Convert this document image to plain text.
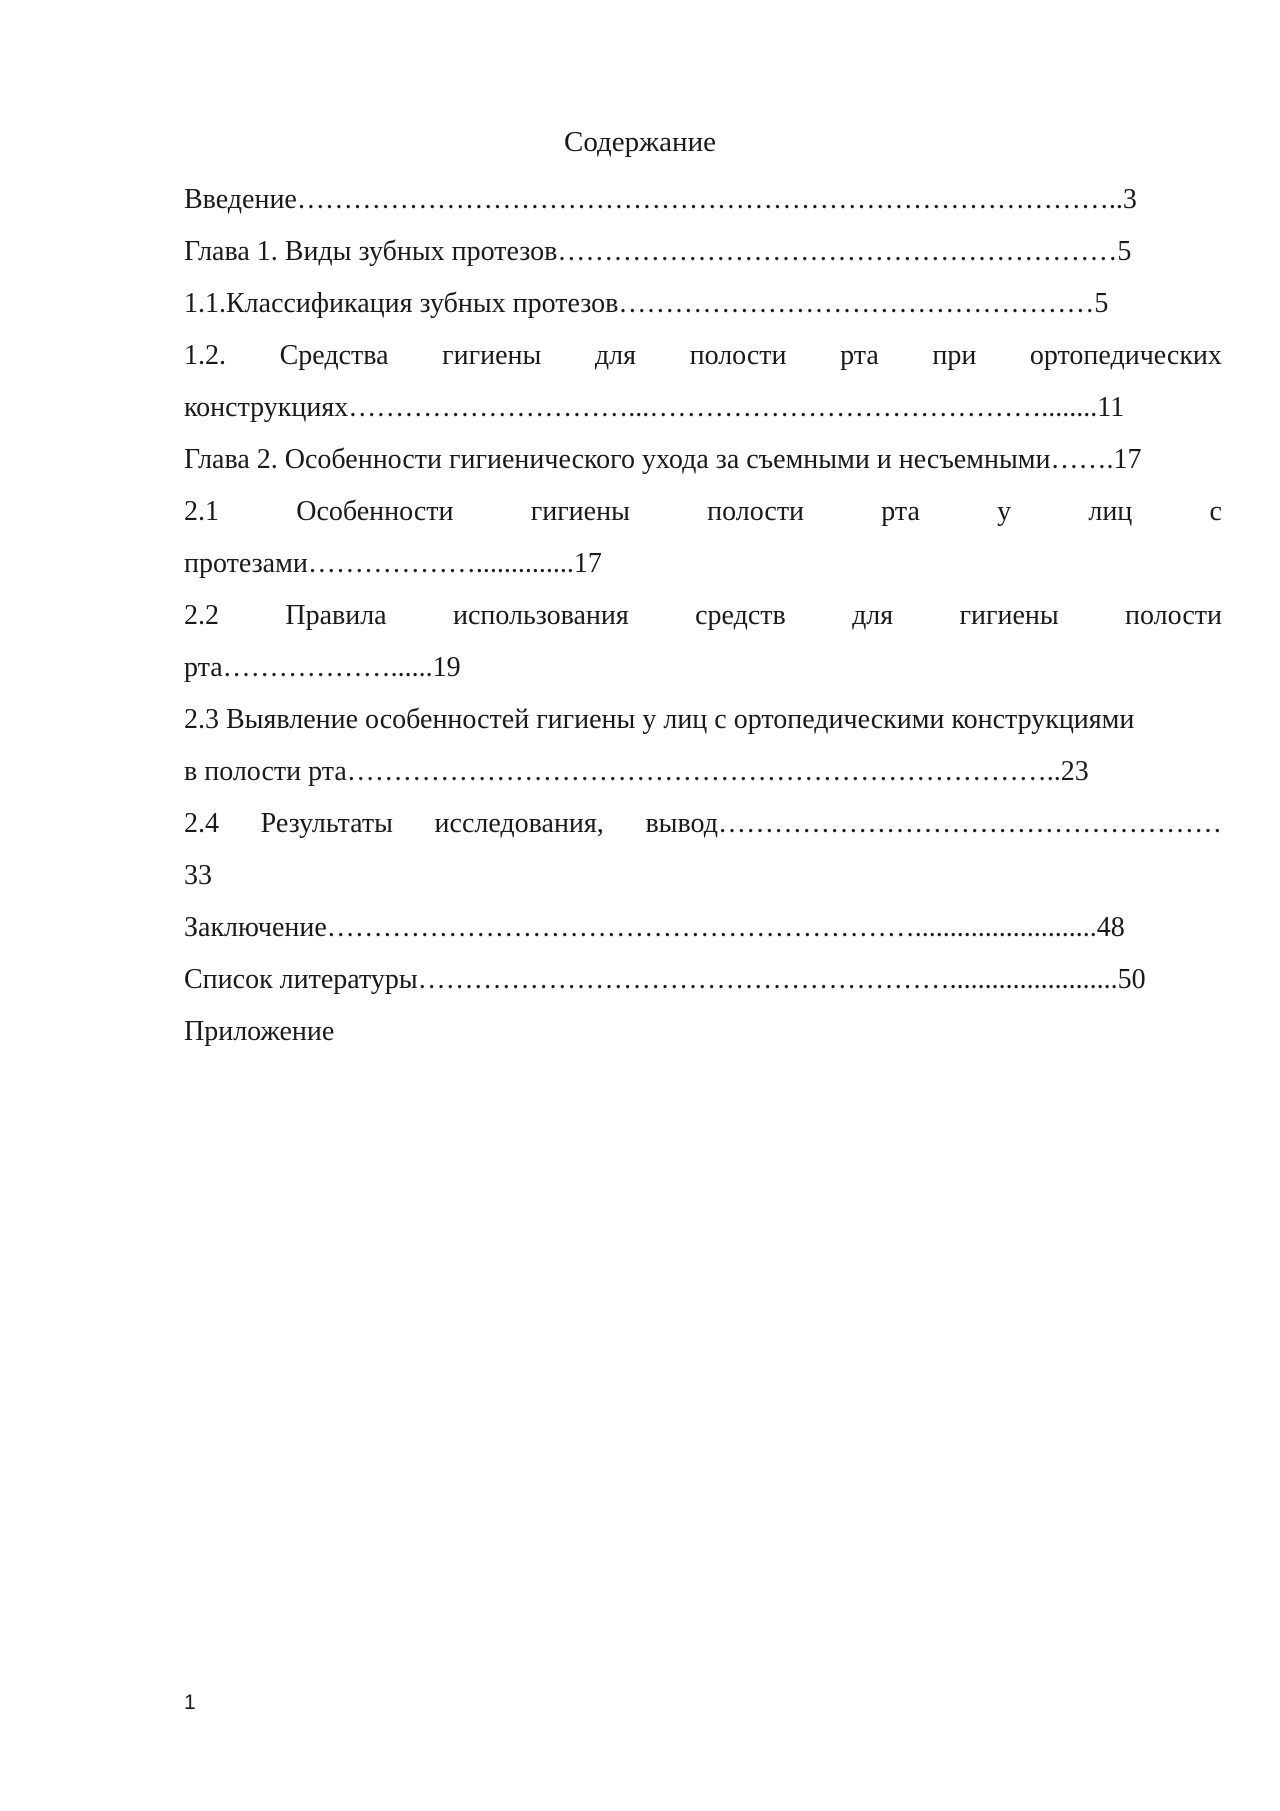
Содержание
Введение……………………………………………………………………………..3
Глава 1. Виды зубных протезов……………………………………………………5
1.1.Классификация зубных протезов……………………………………………5
1.2. Средства гигиены для полости рта при ортопедических
конструкциях…………………………...……………………………………........11
Глава 2. Особенности гигиенического ухода за съемными и несъемными…….17
2.1	Особенности	гигиены	полости	рта	у	лиц	с
протезами………………..............17
2.2 Правила использования средств для гигиены полости
рта………………......19
2.3 Выявление особенностей гигиены у лиц с ортопедическими конструкциями
в полости рта…………………………………………………………………..23
2.4 Результаты исследования, вывод………………………………………………
33
Заключение………………………………………………………..........................48
Список литературы…………………………………………………........................50
Приложение
1
